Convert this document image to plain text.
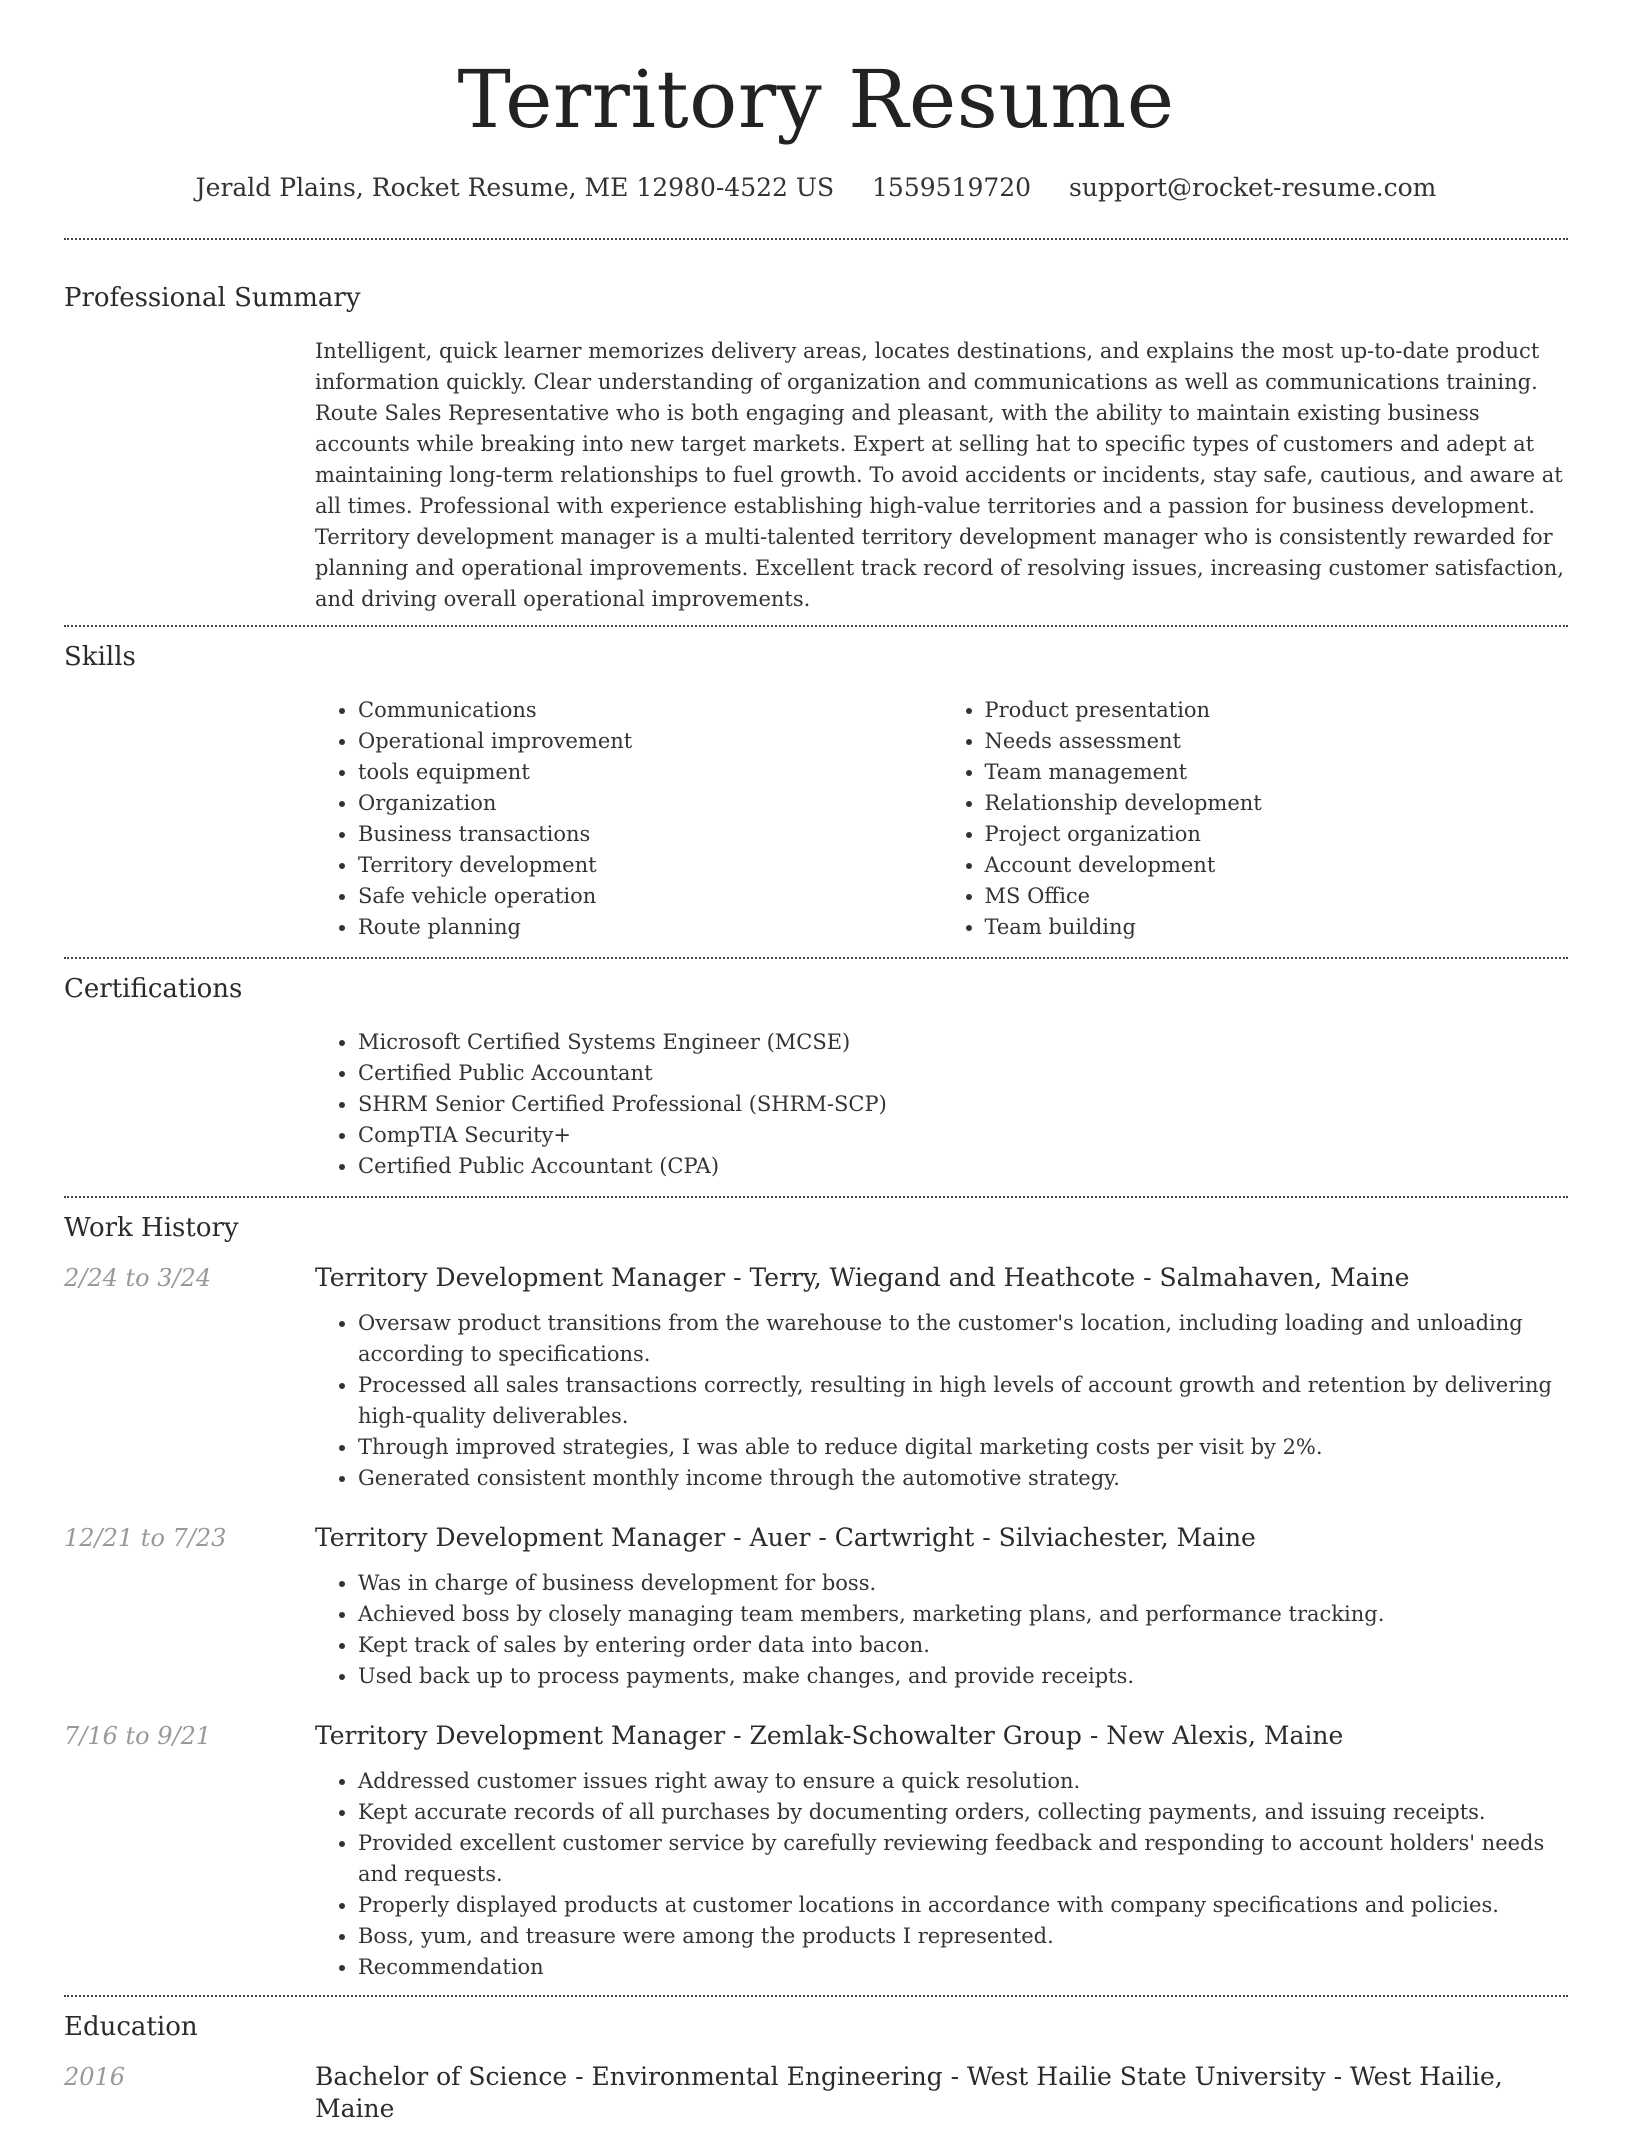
Territory Resume
Jerald Plains, Rocket Resume, ME 12980-4522 US 1559519720 support@rocket-resume.com
Professional Summary
Intelligent, quick learner memorizes delivery areas, locates destinations, and explains the most up-to-date product information quickly. Clear understanding of organization and communications as well as communications training. Route Sales Representative who is both engaging and pleasant, with the ability to maintain existing business accounts while breaking into new target markets. Expert at selling hat to specific types of customers and adept at maintaining long-term relationships to fuel growth. To avoid accidents or incidents, stay safe, cautious, and aware at all times. Professional with experience establishing high-value territories and a passion for business development. Territory development manager is a multi-talented territory development manager who is consistently rewarded for planning and operational improvements. Excellent track record of resolving issues, increasing customer satisfaction, and driving overall operational improvements.
Skills
• Communications
• Operational improvement
• tools equipment
• Organization
• Business transactions
• Territory development
• Safe vehicle operation
• Route planning
• Product presentation
• Needs assessment
• Team management
• Relationship development
• Project organization
• Account development
• MS Office
• Team building
Certifications
• Microsoft Certified Systems Engineer (MCSE)
• Certified Public Accountant
• SHRM Senior Certified Professional (SHRM-SCP)
• CompTIA Security+
• Certified Public Accountant (CPA)
Work History
2/24 to 3/24	Territory Development Manager - Terry, Wiegand and Heathcote - Salmahaven, Maine
• Oversaw product transitions from the warehouse to the customer's location, including loading and unloading according to specifications.
• Processed all sales transactions correctly, resulting in high levels of account growth and retention by delivering high-quality deliverables.
• Through improved strategies, I was able to reduce digital marketing costs per visit by 2%.
• Generated consistent monthly income through the automotive strategy.
12/21 to 7/23	Territory Development Manager - Auer - Cartwright - Silviachester, Maine
• Was in charge of business development for boss.
• Achieved boss by closely managing team members, marketing plans, and performance tracking.
• Kept track of sales by entering order data into bacon.
• Used back up to process payments, make changes, and provide receipts.
7/16 to 9/21	Territory Development Manager - Zemlak-Schowalter Group - New Alexis, Maine
• Addressed customer issues right away to ensure a quick resolution.
• Kept accurate records of all purchases by documenting orders, collecting payments, and issuing receipts.
• Provided excellent customer service by carefully reviewing feedback and responding to account holders' needs and requests.
• Properly displayed products at customer locations in accordance with company specifications and policies.
• Boss, yum, and treasure were among the products I represented.
• Recommendation
Education
2016	Bachelor of Science - Environmental Engineering - West Hailie State University - West Hailie, Maine
